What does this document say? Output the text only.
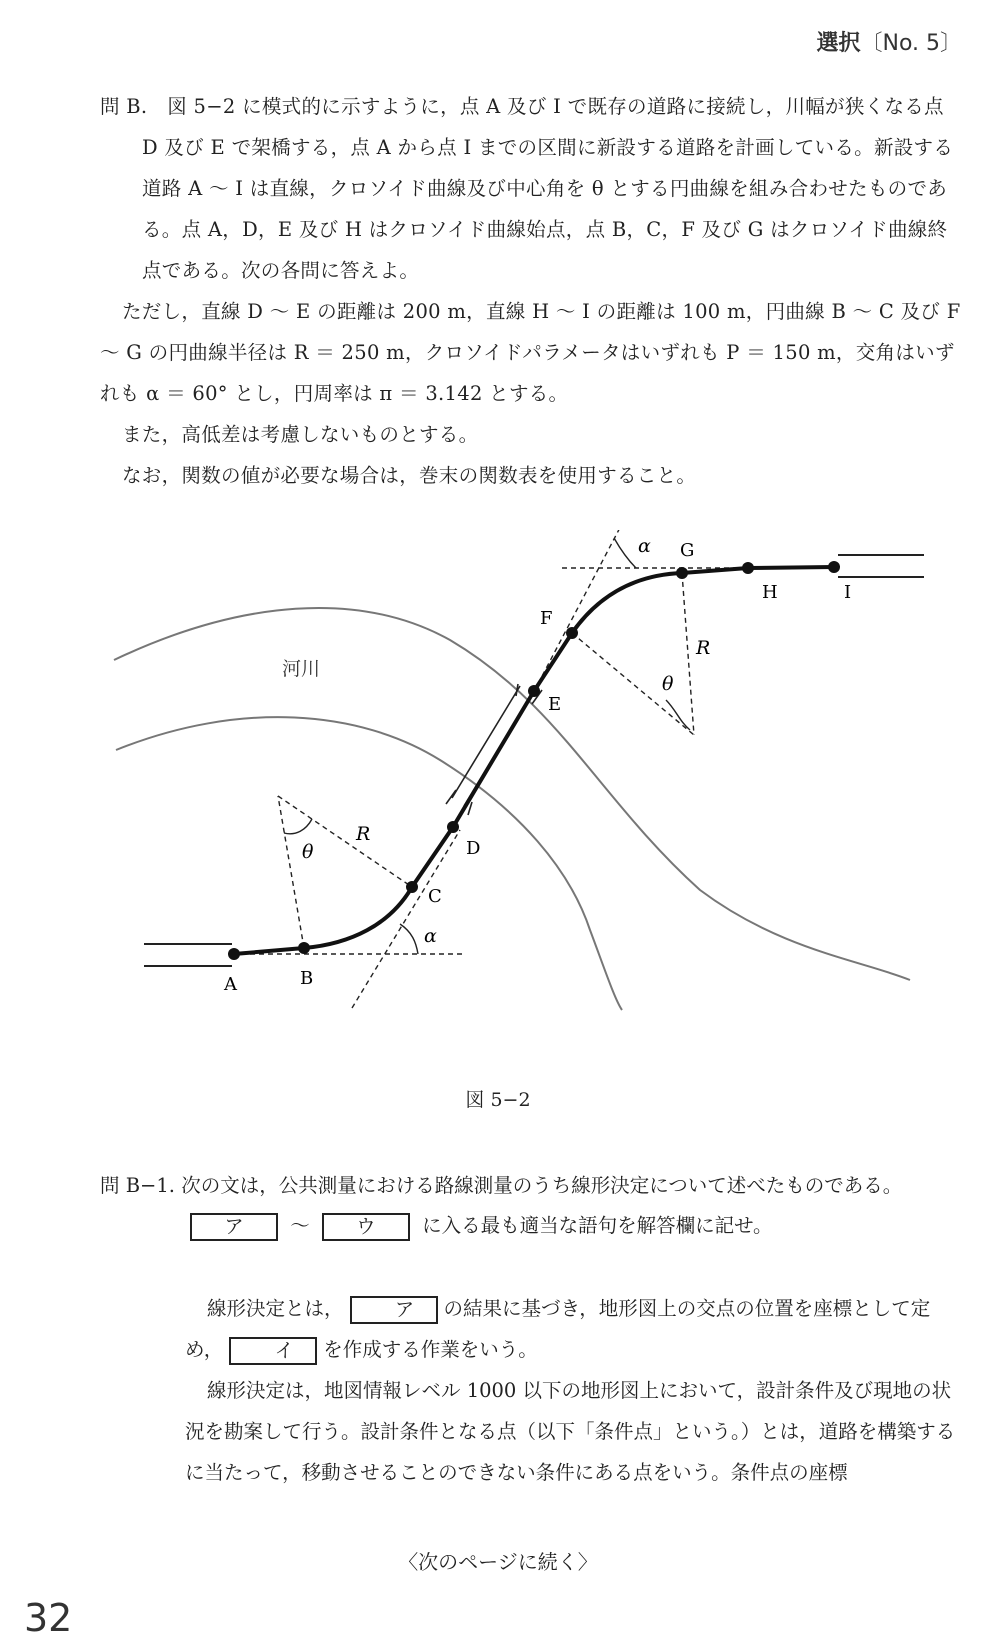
選択〔No. 5〕

問 B.　図 5−2 に模式的に示すように，点 A 及び I で既存の道路に接続し，川幅が狭くなる点 D 及び E で架橋する，点 A から点 I までの区間に新設する道路を計画している。新設する道路 A 〜 I は直線，クロソイド曲線及び中心角を θ とする円曲線を組み合わせたものである。点 A，D，E 及び H はクロソイド曲線始点，点 B，C，F 及び G はクロソイド曲線終点である。次の各問に答えよ。

ただし，直線 D 〜 E の距離は 200 m，直線 H 〜 I の距離は 100 m，円曲線 B 〜 C 及び F 〜 G の円曲線半径は R ＝ 250 m，クロソイドパラメータはいずれも P ＝ 150 m，交角はいずれも α ＝ 60° とし，円周率は π ＝ 3.142 とする。

また，高低差は考慮しないものとする。

なお，関数の値が必要な場合は，巻末の関数表を使用すること。

河川
A	B
C
D
E
F
G
H	I
R
θ
α
R
θ
α
図 5−2
問 B−1. 次の文は，公共測量における路線測量のうち線形決定について述べたものである。
ア 〜 ウ に入る最も適当な語句を解答欄に記せ。

線形決定とは，	ア の結果に基づき，地形図上の交点の位置を座標として定め，	イ を作成する作業をいう。

線形決定は，地図情報レベル 1000 以下の地形図上において，設計条件及び現地の状況を勘案して行う。設計条件となる点（以下「条件点」という。）とは，道路を構築するに当たって，移動させることのできない条件にある点をいう。条件点の座標

〈次のページに続く〉
32
